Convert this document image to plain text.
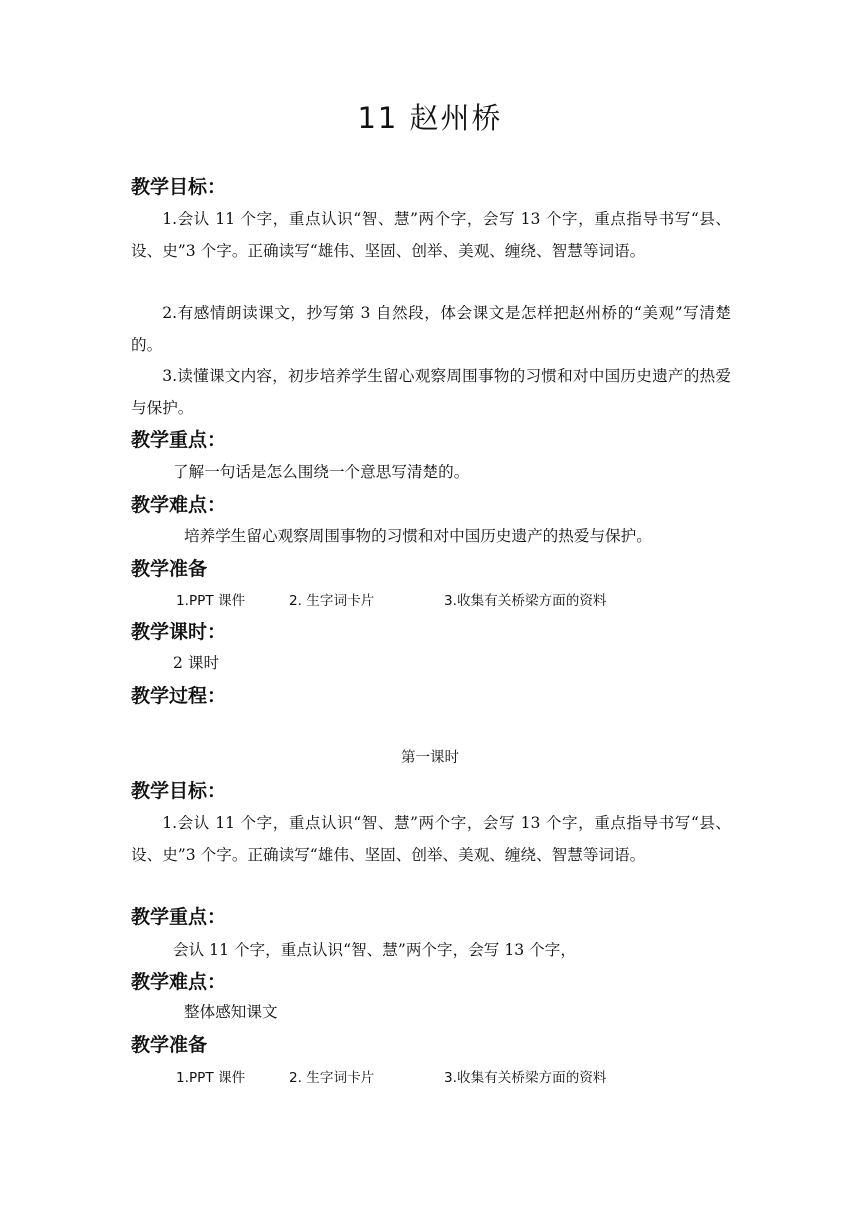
11 赵州桥
教学目标：
1.会认 11 个字，重点认识“智、慧”两个字，会写 13 个字，重点指导书写“县、设、史”3 个字。正确读写“雄伟、坚固、创举、美观、缠绕、智慧等词语。
2.有感情朗读课文，抄写第 3 自然段，体会课文是怎样把赵州桥的“美观”写清楚的。
3.读懂课文内容，初步培养学生留心观察周围事物的习惯和对中国历史遗产的热爱与保护。
教学重点：
了解一句话是怎么围绕一个意思写清楚的。
教学难点：
培养学生留心观察周围事物的习惯和对中国历史遗产的热爱与保护。
教学准备
1.PPT 课件	2. 生字词卡片	3.收集有关桥梁方面的资料
教学课时：
2 课时
教学过程：
第一课时
教学目标：
1.会认 11 个字，重点认识“智、慧”两个字，会写 13 个字，重点指导书写“县、设、史”3 个字。正确读写“雄伟、坚固、创举、美观、缠绕、智慧等词语。
教学重点：
会认 11 个字，重点认识“智、慧”两个字，会写 13 个字，
教学难点：
整体感知课文
教学准备
1.PPT 课件	2. 生字词卡片	3.收集有关桥梁方面的资料
